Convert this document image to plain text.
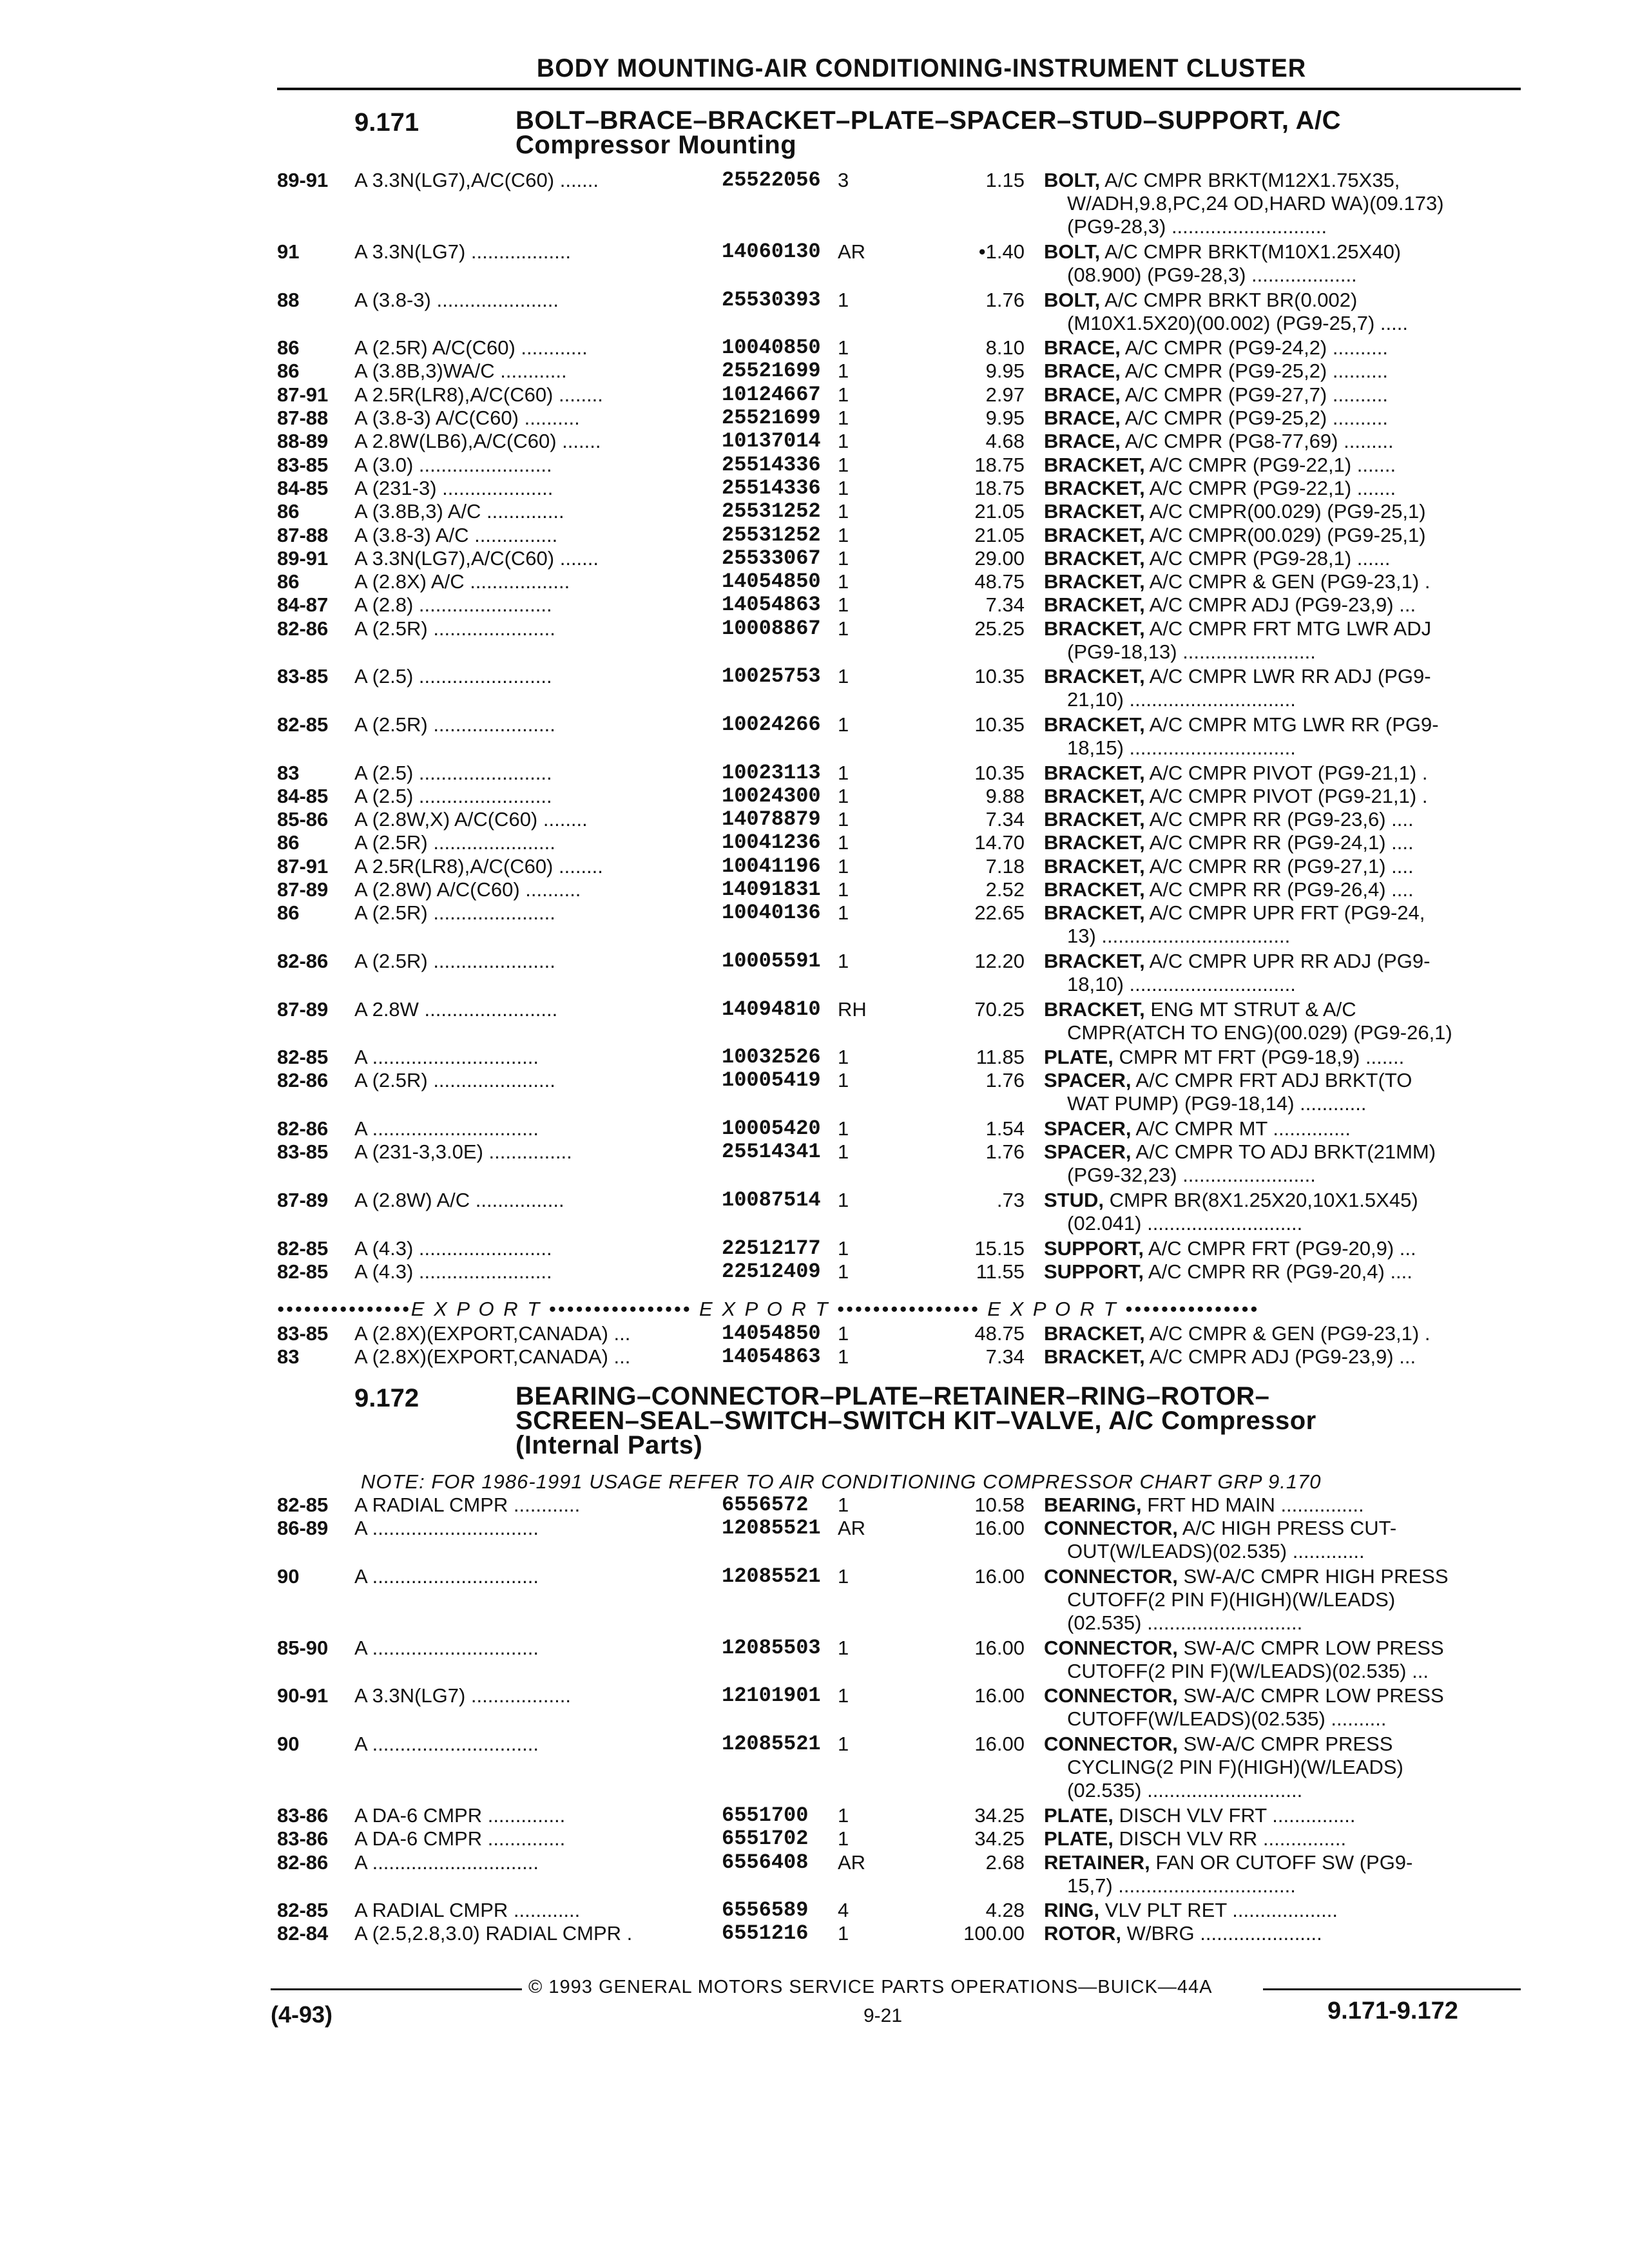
BODY MOUNTING-AIR CONDITIONING-INSTRUMENT CLUSTER
9.171	BOLT–BRACE–BRACKET–PLATE–SPACER–STUD–SUPPORT, A/C
Compressor Mounting
89-91 A 3.3N(LG7),A/C(C60) .......	25522056 3	1.15 BOLT, A/C CMPR BRKT(M12X1.75X35,
W/ADH,9.8,PC,24 OD,HARD WA)(09.173)
(PG9-28,3) ............................
91	A 3.3N(LG7) ..................	14060130 AR	•1.40 BOLT, A/C CMPR BRKT(M10X1.25X40)
(08.900) (PG9-28,3) ...................
88	A (3.8-3) ......................	25530393 1	1.76 BOLT, A/C CMPR BRKT BR(0.002)
(M10X1.5X20)(00.002) (PG9-25,7) .....
86	A (2.5R) A/C(C60) ............	10040850 1	8.10 BRACE, A/C CMPR (PG9-24,2) ..........
86	A (3.8B,3)WA/C ............	25521699 1	9.95 BRACE, A/C CMPR (PG9-25,2) ..........
87-91 A 2.5R(LR8),A/C(C60) ........	10124667 1	2.97 BRACE, A/C CMPR (PG9-27,7) ..........
87-88 A (3.8-3) A/C(C60) ..........	25521699 1	9.95 BRACE, A/C CMPR (PG9-25,2) ..........
88-89 A 2.8W(LB6),A/C(C60) .......	10137014 1	4.68 BRACE, A/C CMPR (PG8-77,69) .........
83-85 A (3.0) ........................	25514336 1	18.75 BRACKET, A/C CMPR (PG9-22,1) .......
84-85 A (231-3) ....................	25514336 1	18.75 BRACKET, A/C CMPR (PG9-22,1) .......
86	A (3.8B,3) A/C ..............	25531252 1	21.05 BRACKET, A/C CMPR(00.029) (PG9-25,1)
87-88 A (3.8-3) A/C ...............	25531252 1	21.05 BRACKET, A/C CMPR(00.029) (PG9-25,1)
89-91 A 3.3N(LG7),A/C(C60) .......	25533067 1	29.00 BRACKET, A/C CMPR (PG9-28,1) ......
86	A (2.8X) A/C ..................	14054850 1	48.75 BRACKET, A/C CMPR & GEN (PG9-23,1) .
84-87 A (2.8) ........................	14054863 1	7.34 BRACKET, A/C CMPR ADJ (PG9-23,9) ...
82-86 A (2.5R) ......................	10008867 1	25.25 BRACKET, A/C CMPR FRT MTG LWR ADJ
(PG9-18,13) ........................
83-85 A (2.5) ........................	10025753 1	10.35 BRACKET, A/C CMPR LWR RR ADJ (PG9-
21,10) ..............................
82-85 A (2.5R) ......................	10024266 1	10.35 BRACKET, A/C CMPR MTG LWR RR (PG9-
18,15) ..............................
83	A (2.5) ........................	10023113 1	10.35 BRACKET, A/C CMPR PIVOT (PG9-21,1) .
84-85 A (2.5) ........................	10024300 1	9.88 BRACKET, A/C CMPR PIVOT (PG9-21,1) .
85-86 A (2.8W,X) A/C(C60) ........	14078879 1	7.34 BRACKET, A/C CMPR RR (PG9-23,6) ....
86	A (2.5R) ......................	10041236 1	14.70 BRACKET, A/C CMPR RR (PG9-24,1) ....
87-91 A 2.5R(LR8),A/C(C60) ........	10041196 1	7.18 BRACKET, A/C CMPR RR (PG9-27,1) ....
87-89 A (2.8W) A/C(C60) ..........	14091831 1	2.52 BRACKET, A/C CMPR RR (PG9-26,4) ....
86	A (2.5R) ......................	10040136 1	22.65 BRACKET, A/C CMPR UPR FRT (PG9-24,
13) ..................................
82-86 A (2.5R) ......................	10005591 1	12.20 BRACKET, A/C CMPR UPR RR ADJ (PG9-
18,10) ..............................
87-89 A 2.8W ........................	14094810 RH	70.25 BRACKET, ENG MT STRUT & A/C
CMPR(ATCH TO ENG)(00.029) (PG9-26,1)
82-85 A ..............................	10032526 1	11.85 PLATE, CMPR MT FRT (PG9-18,9) .......
82-86 A (2.5R) ......................	10005419 1	1.76 SPACER, A/C CMPR FRT ADJ BRKT(TO
WAT PUMP) (PG9-18,14) ............
82-86 A ..............................	10005420 1	1.54 SPACER, A/C CMPR MT ..............
83-85 A (231-3,3.0E) ...............	25514341 1	1.76 SPACER, A/C CMPR TO ADJ BRKT(21MM)
(PG9-32,23) ........................
87-89 A (2.8W) A/C ................	10087514 1	.73 STUD, CMPR BR(8X1.25X20,10X1.5X45)
(02.041) ............................
82-85 A (4.3) ........................	22512177 1	15.15 SUPPORT, A/C CMPR FRT (PG9-20,9) ...
82-85 A (4.3) ........................	22512409 1	11.55 SUPPORT, A/C CMPR RR (PG9-20,4) ....
•••••••••••••••E X P O R T •••••••••••••••• E X P O R T •••••••••••••••• E X P O R T •••••••••••••••
83-85 A (2.8X)(EXPORT,CANADA) ...	14054850 1	48.75 BRACKET, A/C CMPR & GEN (PG9-23,1) .
83	A (2.8X)(EXPORT,CANADA) ...	14054863 1	7.34 BRACKET, A/C CMPR ADJ (PG9-23,9) ...
9.172	BEARING–CONNECTOR–PLATE–RETAINER–RING–ROTOR–
SCREEN–SEAL–SWITCH–SWITCH KIT–VALVE, A/C Compressor
(Internal Parts)
NOTE: FOR 1986-1991 USAGE REFER TO AIR CONDITIONING COMPRESSOR CHART GRP 9.170
82-85 A RADIAL CMPR ............	6556572 1	10.58 BEARING, FRT HD MAIN ...............
86-89 A ..............................	12085521 AR	16.00 CONNECTOR, A/C HIGH PRESS CUT-
OUT(W/LEADS)(02.535) .............
90	A ..............................	12085521 1	16.00 CONNECTOR, SW-A/C CMPR HIGH PRESS
CUTOFF(2 PIN F)(HIGH)(W/LEADS)
(02.535) ............................
85-90 A ..............................	12085503 1	16.00 CONNECTOR, SW-A/C CMPR LOW PRESS
CUTOFF(2 PIN F)(W/LEADS)(02.535) ...
90-91 A 3.3N(LG7) ..................	12101901 1	16.00 CONNECTOR, SW-A/C CMPR LOW PRESS
CUTOFF(W/LEADS)(02.535) ..........
90	A ..............................	12085521 1	16.00 CONNECTOR, SW-A/C CMPR PRESS
CYCLING(2 PIN F)(HIGH)(W/LEADS)
(02.535) ............................
83-86 A DA-6 CMPR ..............	6551700 1	34.25 PLATE, DISCH VLV FRT ...............
83-86 A DA-6 CMPR ..............	6551702 1	34.25 PLATE, DISCH VLV RR ...............
82-86 A ..............................	6556408 AR	2.68 RETAINER, FAN OR CUTOFF SW (PG9-
15,7) ................................
82-85 A RADIAL CMPR ............	6556589 4	4.28 RING, VLV PLT RET ...................
82-84 A (2.5,2.8,3.0) RADIAL CMPR .	6551216 1	100.00 ROTOR, W/BRG ......................
© 1993 GENERAL MOTORS SERVICE PARTS OPERATIONS—BUICK—44A
(4-93)	9-21	9.171-9.172
